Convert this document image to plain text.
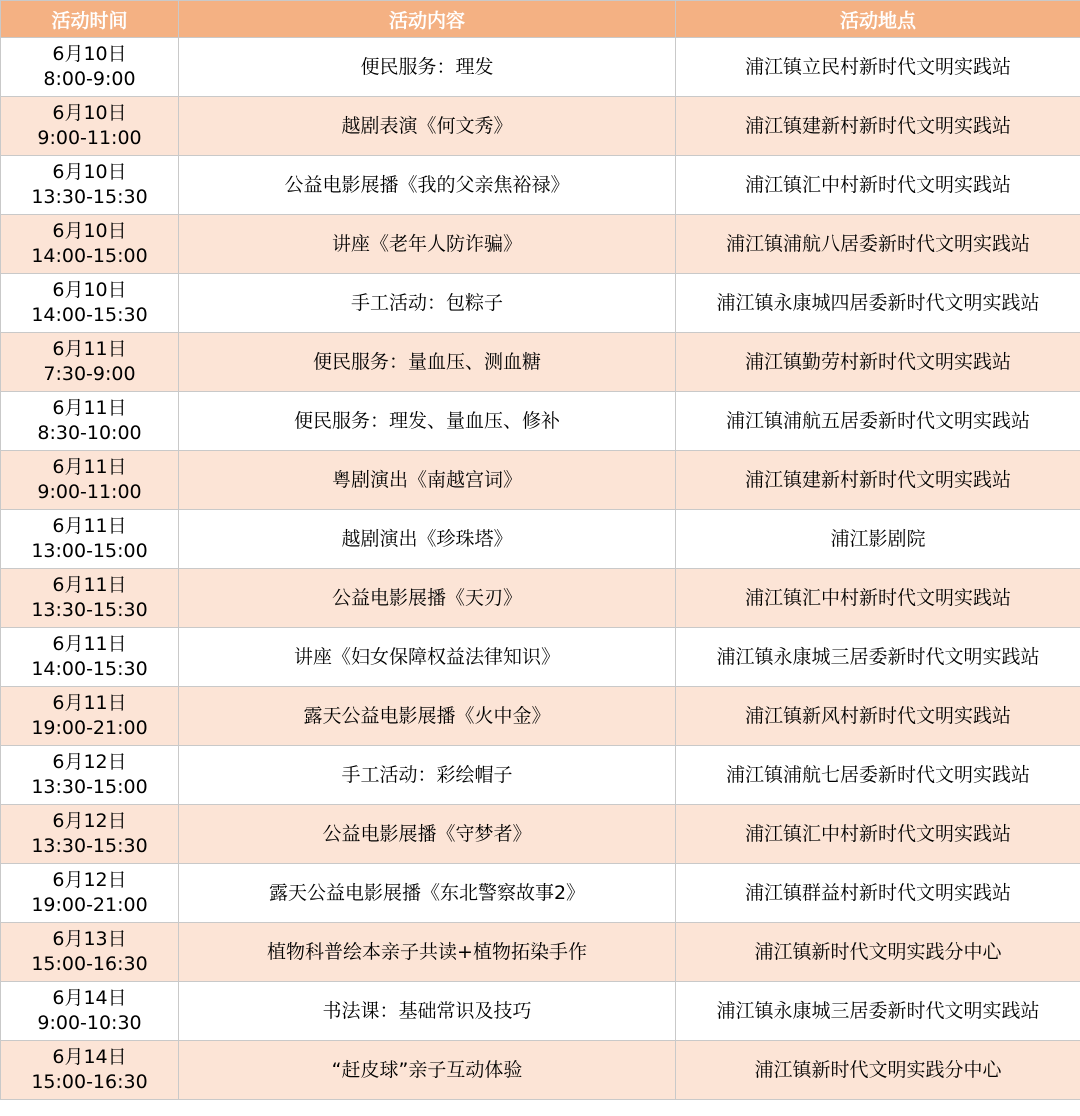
活动时间	活动内容	活动地点

6月10日
8:00-9:00	便民服务：理发	浦江镇立民村新时代文明实践站

6月10日
9:00-11:00	越剧表演《何文秀》	浦江镇建新村新时代文明实践站

6月10日
13:30-15:30	公益电影展播《我的父亲焦裕禄》	浦江镇汇中村新时代文明实践站

6月10日
14:00-15:00	讲座《老年人防诈骗》	浦江镇浦航八居委新时代文明实践站

6月10日
14:00-15:30	手工活动：包粽子	浦江镇永康城四居委新时代文明实践站

6月11日
7:30-9:00	便民服务：量血压、测血糖	浦江镇勤劳村新时代文明实践站

6月11日
8:30-10:00	便民服务：理发、量血压、修补	浦江镇浦航五居委新时代文明实践站

6月11日
9:00-11:00	粤剧演出《南越宫词》	浦江镇建新村新时代文明实践站

6月11日
13:00-15:00	越剧演出《珍珠塔》	浦江影剧院

6月11日
13:30-15:30	公益电影展播《天刃》	浦江镇汇中村新时代文明实践站

6月11日
14:00-15:30	讲座《妇女保障权益法律知识》	浦江镇永康城三居委新时代文明实践站

6月11日
19:00-21:00	露天公益电影展播《火中金》	浦江镇新风村新时代文明实践站

6月12日
13:30-15:00	手工活动：彩绘帽子	浦江镇浦航七居委新时代文明实践站

6月12日
13:30-15:30	公益电影展播《守梦者》	浦江镇汇中村新时代文明实践站

6月12日
19:00-21:00	露天公益电影展播《东北警察故事2》	浦江镇群益村新时代文明实践站

6月13日
15:00-16:30	植物科普绘本亲子共读+植物拓染手作	浦江镇新时代文明实践分中心

6月14日
9:00-10:30	书法课：基础常识及技巧	浦江镇永康城三居委新时代文明实践站

6月14日
15:00-16:30	“赶皮球”亲子互动体验	浦江镇新时代文明实践分中心
